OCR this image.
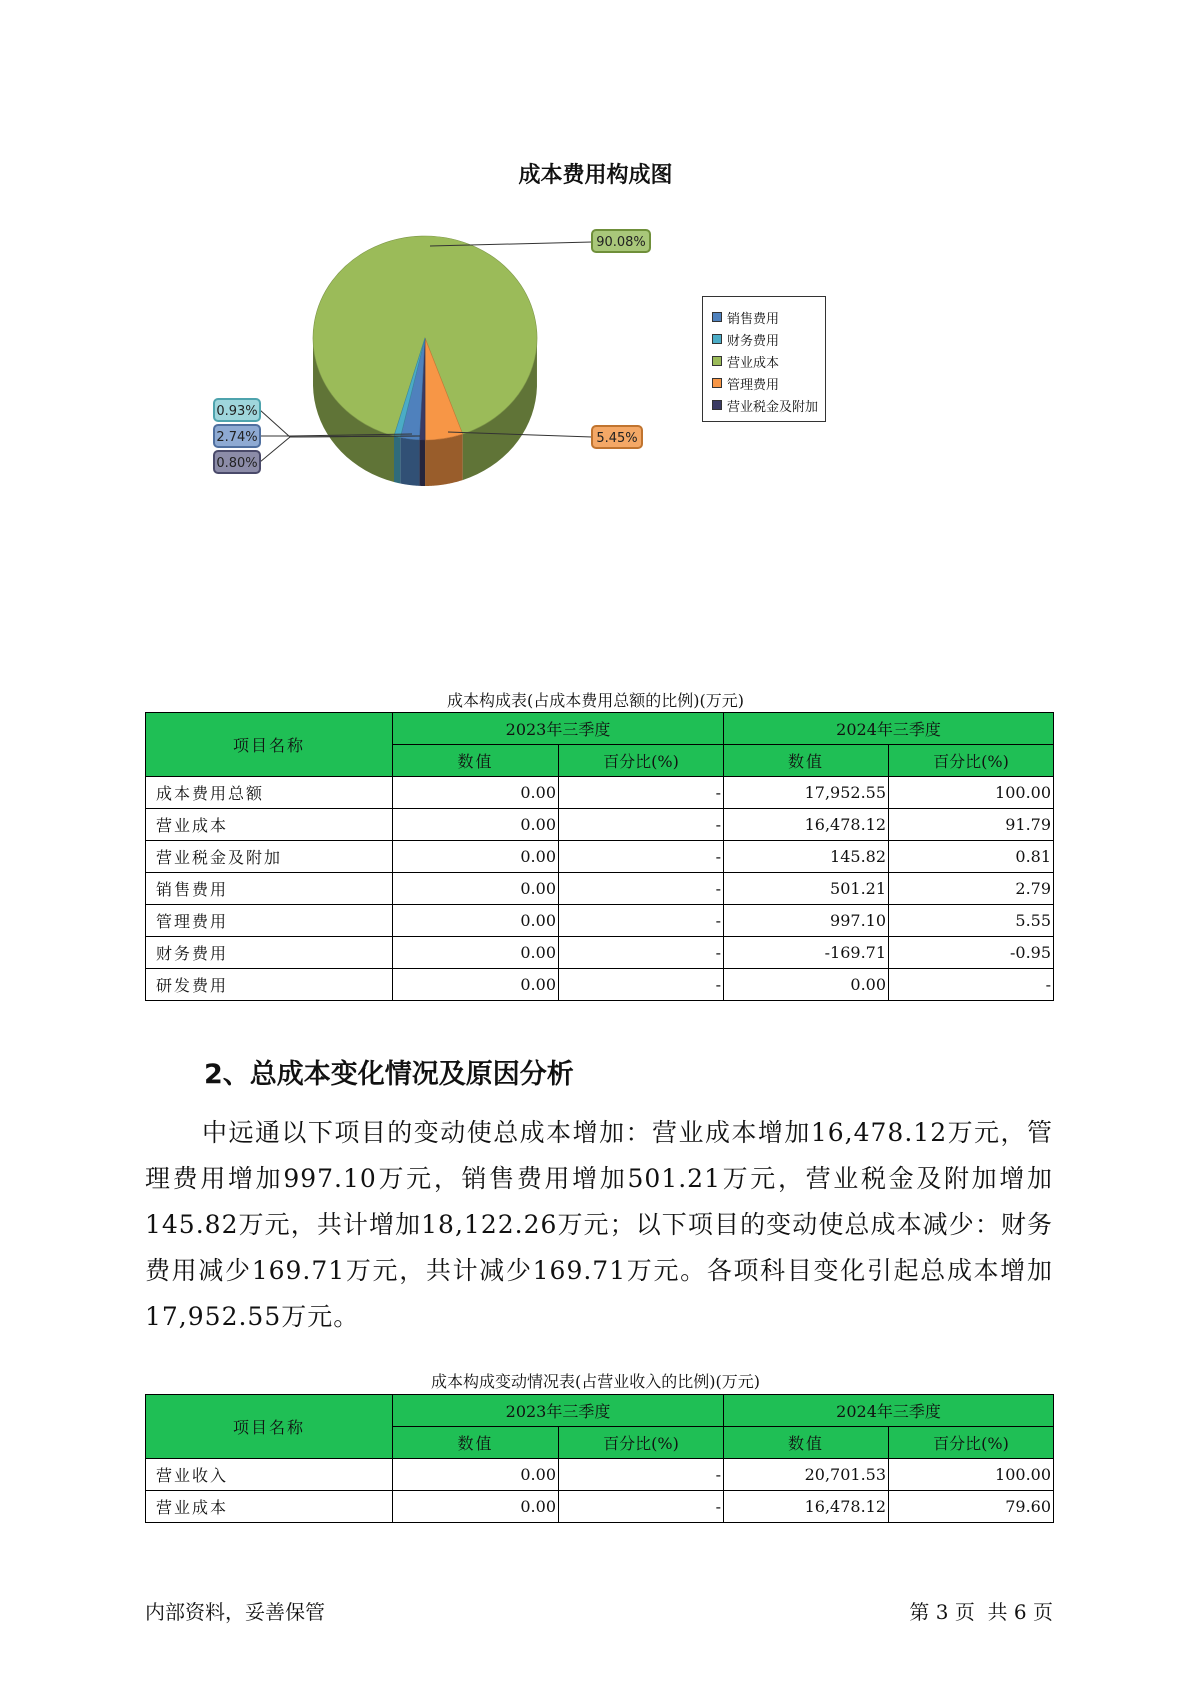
成本费用构成图
90.08%
5.45%
0.93%
2.74%
0.80%
销售费用
财务费用
营业成本
管理费用
营业税金及附加
成本构成表(占成本费用总额的比例)(万元)
项目名称	2023年三季度		2024年三季度	
	数值	百分比(%)	数值	百分比(%)
成本费用总额	0.00	-	17,952.55	100.00
营业成本	0.00	-	16,478.12	91.79
营业税金及附加	0.00	-	145.82	0.81
销售费用	0.00	-	501.21	2.79
管理费用	0.00	-	997.10	5.55
财务费用	0.00	-	-169.71	-0.95
研发费用	0.00	-	0.00	-
2、总成本变化情况及原因分析
中远通以下项目的变动使总成本增加：营业成本增加16,478.12万元，管理费用增加997.10万元，销售费用增加501.21万元，营业税金及附加增加145.82万元，共计增加18,122.26万元；以下项目的变动使总成本减少：财务费用减少169.71万元，共计减少169.71万元。各项科目变化引起总成本增加17,952.55万元。
成本构成变动情况表(占营业收入的比例)(万元)
项目名称	2023年三季度		2024年三季度	
	数值	百分比(%)	数值	百分比(%)
营业收入	0.00	-	20,701.53	100.00
营业成本	0.00	-	16,478.12	79.60
内部资料，妥善保管	第 3 页  共 6 页
